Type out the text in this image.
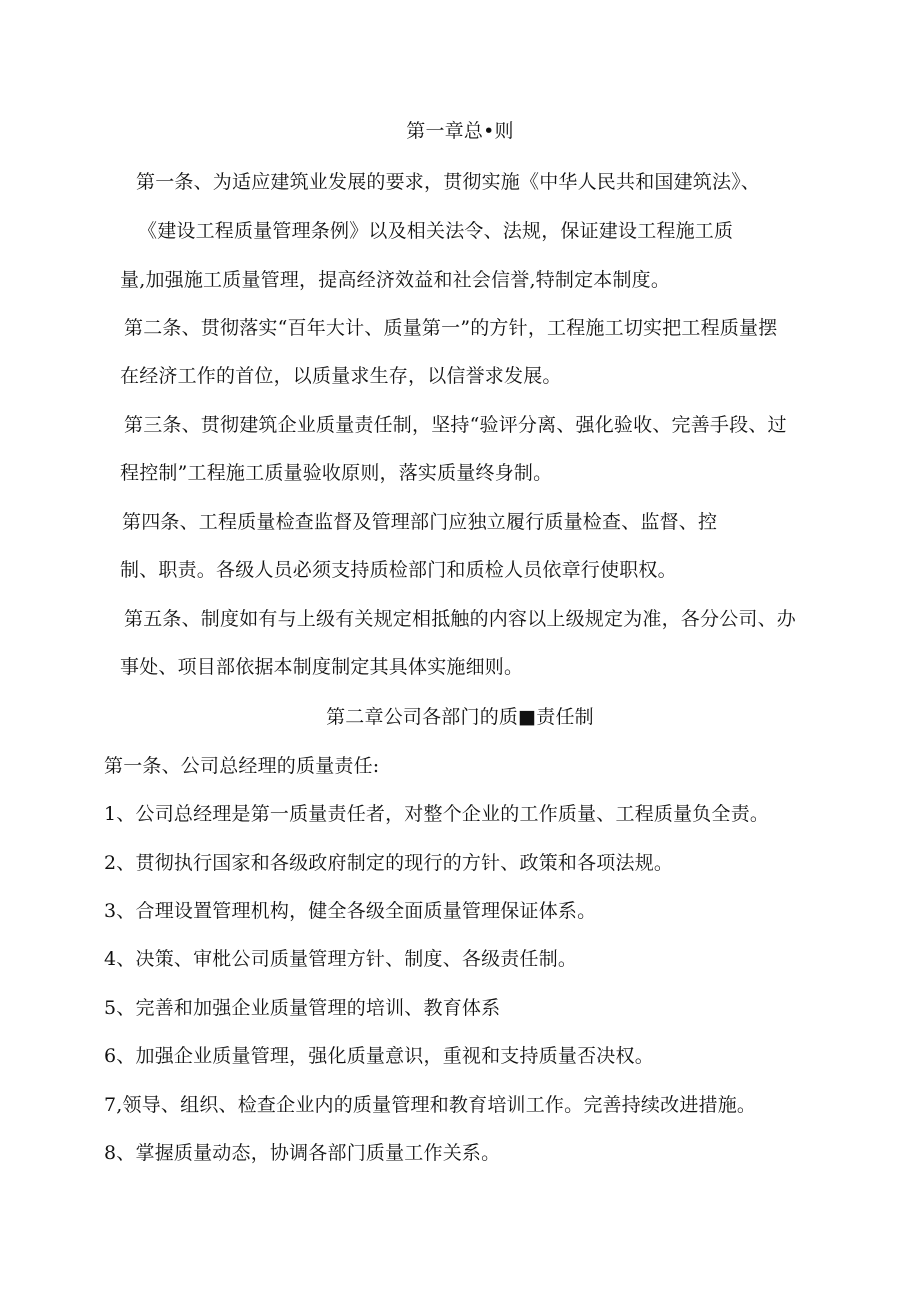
第一章总•则
第一条、为适应建筑业发展的要求，贯彻实施《中华人民共和国建筑法》、
《建设工程质量管理条例》以及相关法令、法规，保证建设工程施工质
量,加强施工质量管理，提高经济效益和社会信誉,特制定本制度。
第二条、贯彻落实“百年大计、质量第一”的方针，工程施工切实把工程质量摆
在经济工作的首位，以质量求生存，以信誉求发展。
第三条、贯彻建筑企业质量责任制，坚持“验评分离、强化验收、完善手段、过
程控制”工程施工质量验收原则，落实质量终身制。
第四条、工程质量检查监督及管理部门应独立履行质量检查、监督、控
制、职责。各级人员必须支持质检部门和质检人员依章行使职权。
第五条、制度如有与上级有关规定相抵触的内容以上级规定为准，各分公司、办
事处、项目部依据本制度制定其具体实施细则。
第二章公司各部门的质■责任制
第一条、公司总经理的质量责任:
1、公司总经理是第一质量责任者，对整个企业的工作质量、工程质量负全责。
2、贯彻执行国家和各级政府制定的现行的方针、政策和各项法规。
3、合理设置管理机构，健全各级全面质量管理保证体系。
4、决策、审枇公司质量管理方针、制度、各级责任制。
5、完善和加强企业质量管理的培训、教育体系
6、加强企业质量管理，强化质量意识，重视和支持质量否决权。
7,领导、组织、检查企业内的质量管理和教育培训工作。完善持续改进措施。
8、掌握质量动态，协调各部门质量工作关系。
